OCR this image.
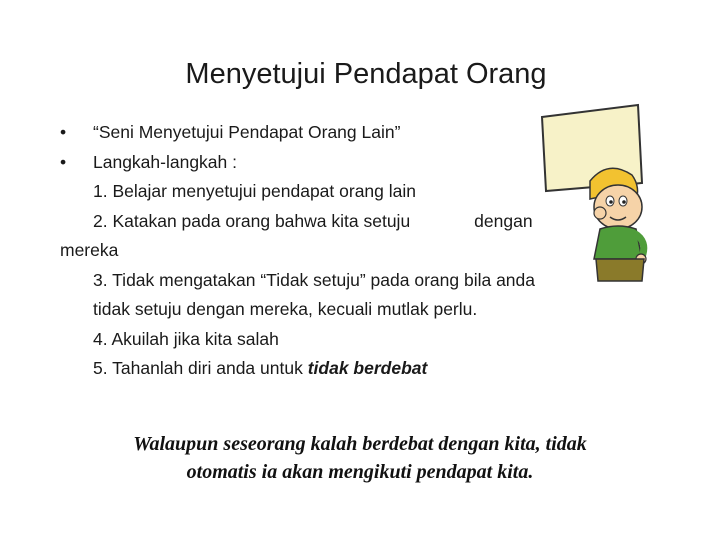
Menyetujui Pendapat Orang
• “Seni Menyetujui Pendapat Orang Lain”
• Langkah-langkah :
1. Belajar menyetujui pendapat orang lain
2. Katakan pada orang bahwa kita setuju	dengan
mereka
3. Tidak mengatakan “Tidak setuju” pada orang bila anda
tidak setuju dengan mereka, kecuali mutlak perlu.
4. Akuilah jika kita salah
5. Tahanlah diri anda untuk tidak berdebat
Walaupun seseorang kalah berdebat dengan kita, tidak
otomatis ia akan mengikuti pendapat kita.
